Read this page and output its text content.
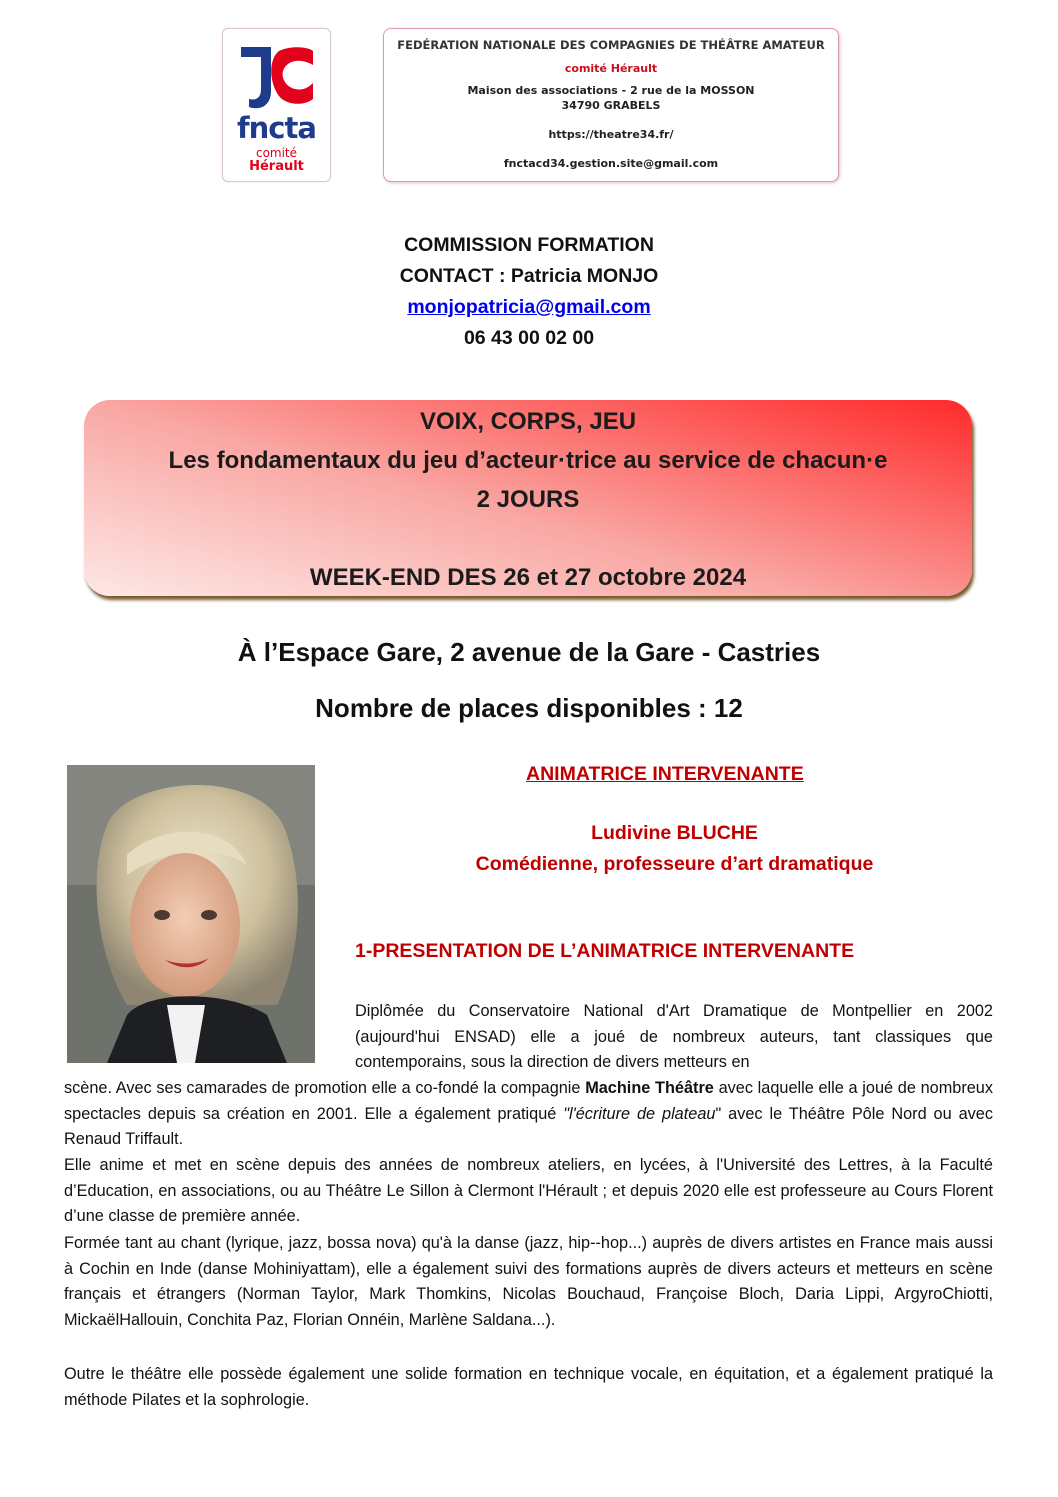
fncta
comité
Hérault
FEDÉRATION NATIONALE DES COMPAGNIES DE THÉÂTRE AMATEUR
comité Hérault
Maison des associations - 2 rue de la MOSSON
34790 GRABELS
https://theatre34.fr/
fnctacd34.gestion.site@gmail.com
COMMISSION FORMATION
CONTACT : Patricia MONJO
monjopatricia@gmail.com
06 43 00 02 00
VOIX, CORPS, JEU
Les fondamentaux du jeu d’acteur·trice au service de chacun·e
2 JOURS
WEEK-END DES 26 et 27 octobre 2024
À l’Espace Gare, 2 avenue de la Gare - Castries
Nombre de places disponibles : 12
ANIMATRICE INTERVENANTE
Ludivine BLUCHE
Comédienne, professeure d’art dramatique
1-PRESENTATION DE L’ANIMATRICE INTERVENANTE
Diplômée du Conservatoire National d'Art Dramatique de Montpellier en 2002 (aujourd'hui ENSAD) elle a joué de nombreux auteurs, tant classiques que contemporains, sous la direction de divers metteurs en
scène. Avec ses camarades de promotion elle a co-fondé la compagnie Machine Théâtre avec laquelle elle a joué de nombreux spectacles depuis sa création en 2001. Elle a également pratiqué "l'écriture de plateau" avec le Théâtre Pôle Nord ou avec Renaud Triffault.
Elle anime et met en scène depuis des années de nombreux ateliers, en lycées, à l'Université des Lettres, à la Faculté d’Education, en associations, ou au Théâtre Le Sillon à Clermont l'Hérault ; et depuis 2020 elle est professeure au Cours Florent d’une classe de première année.
Formée tant au chant (lyrique, jazz, bossa nova) qu'à la danse (jazz, hip--hop...) auprès de divers artistes en France mais aussi à Cochin en Inde (danse Mohiniyattam), elle a également suivi des formations auprès de divers acteurs et metteurs en scène français et étrangers (Norman Taylor, Mark Thomkins, Nicolas Bouchaud, Françoise Bloch, Daria Lippi, ArgyroChiotti, MickaëlHallouin, Conchita Paz, Florian Onnéin, Marlène Saldana...).
Outre le théâtre elle possède également une solide formation en technique vocale, en équitation, et a également pratiqué la méthode Pilates et la sophrologie.
